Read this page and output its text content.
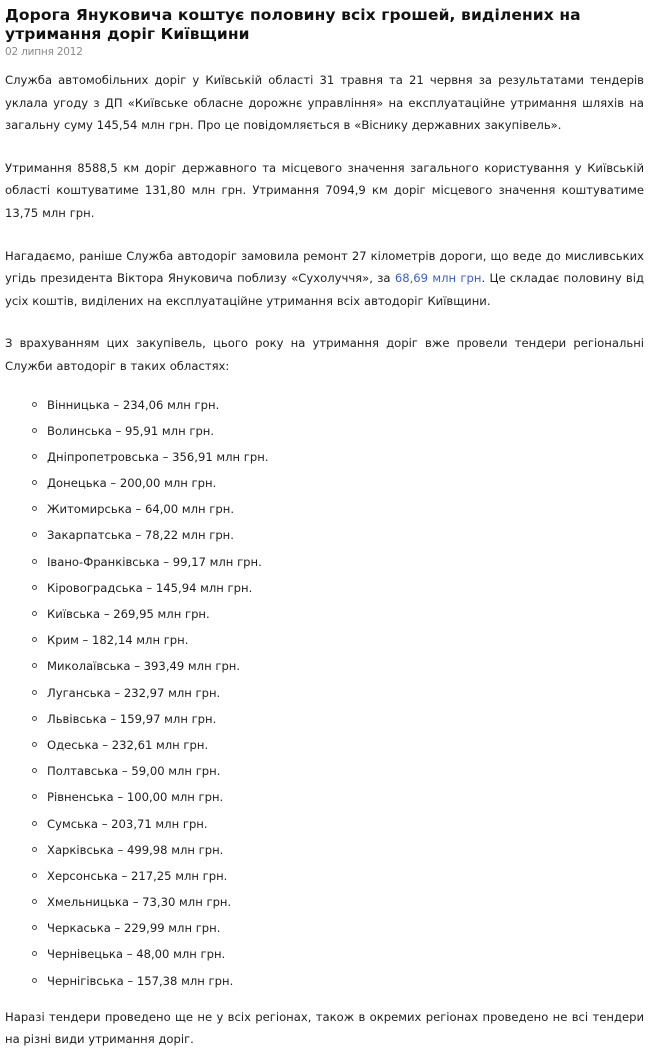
Дорога Януковича коштує половину всіх грошей, виділених на утримання доріг Київщини
02 липня 2012

Служба автомобільних доріг у Київській області 31 травня та 21 червня за результатами тендерів уклала угоду з ДП «Київське обласне дорожнє управління» на експлуатаційне утримання шляхів на загальну суму 145,54 млн грн. Про це повідомляється в «Віснику державних закупівель».

Утримання 8588,5 км доріг державного та місцевого значення загального користування у Київській області коштуватиме 131,80 млн грн. Утримання 7094,9 км доріг місцевого значення коштуватиме 13,75 млн грн.

Нагадаємо, раніше Служба автодоріг замовила ремонт 27 кілометрів дороги, що веде до мисливських угідь президента Віктора Януковича поблизу «Сухолуччя», за 68,69 млн грн. Це складає половину від усіх коштів, виділених на експлуатаційне утримання всіх автодоріг Київщини.

З врахуванням цих закупівель, цього року на утримання доріг вже провели тендери регіональні Служби автодоріг в таких областях:

Вінницька – 234,06 млн грн.
Волинська – 95,91 млн грн.
Дніпропетровська – 356,91 млн грн.
Донецька – 200,00 млн грн.
Житомирська – 64,00 млн грн.
Закарпатська – 78,22 млн грн.
Івано-Франківська – 99,17 млн грн.
Кіровоградська – 145,94 млн грн.
Київська – 269,95 млн грн.
Крим – 182,14 млн грн.
Миколаївська – 393,49 млн грн.
Луганська – 232,97 млн грн.
Львівська – 159,97 млн грн.
Одеська – 232,61 млн грн.
Полтавська – 59,00 млн грн.
Рівненська – 100,00 млн грн.
Сумська – 203,71 млн грн.
Харківська – 499,98 млн грн.
Херсонська – 217,25 млн грн.
Хмельницька – 73,30 млн грн.
Черкаська – 229,99 млн грн.
Чернівецька – 48,00 млн грн.
Чернігівська – 157,38 млн грн.

Наразі тендери проведено ще не у всіх регіонах, також в окремих регіонах проведено не всі тендери на різні види утримання доріг.
